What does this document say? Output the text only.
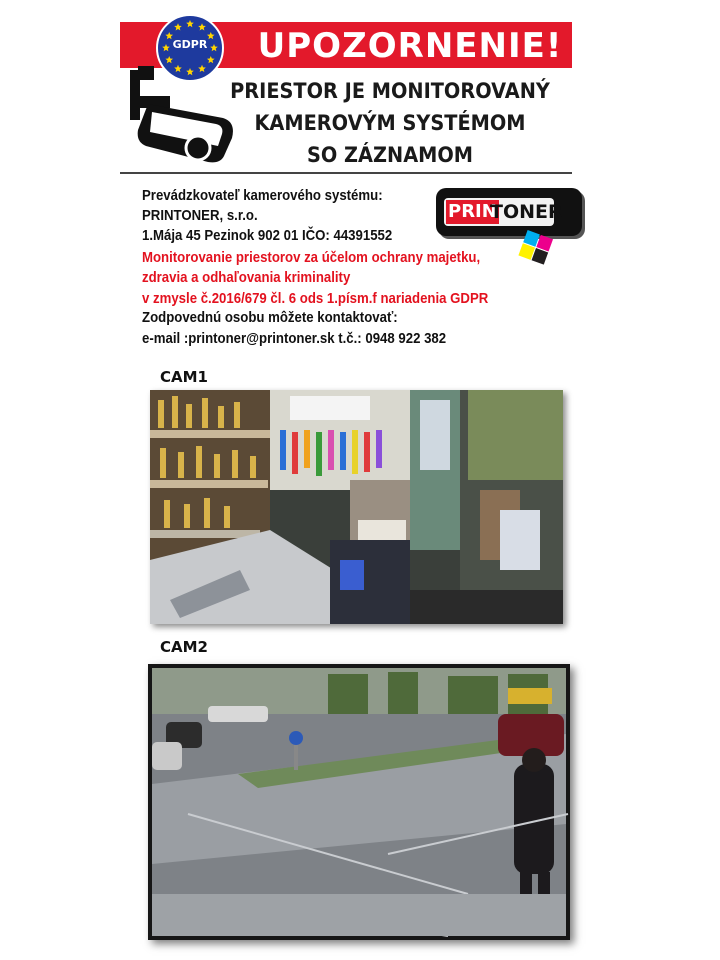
UPOZORNENIE!
GDPR
PRIESTOR JE MONITOROVANÝ
KAMEROVÝM SYSTÉMOM
SO ZÁZNAMOM
Prevádzkovateľ kamerového systému:
PRINTONER, s.r.o.
1.Mája 45 Pezinok 902 01 IČO: 44391552
Monitorovanie priestorov za účelom ochrany majetku,
zdravia a odhaľovania kriminality
v zmysle č.2016/679 čl. 6 ods 1.písm.f nariadenia GDPR
Zodpovednú osobu môžete kontaktovať:
e-mail :printoner@printoner.sk t.č.: 0948 922 382
PRIN
TONER
CAM1
CAM2
